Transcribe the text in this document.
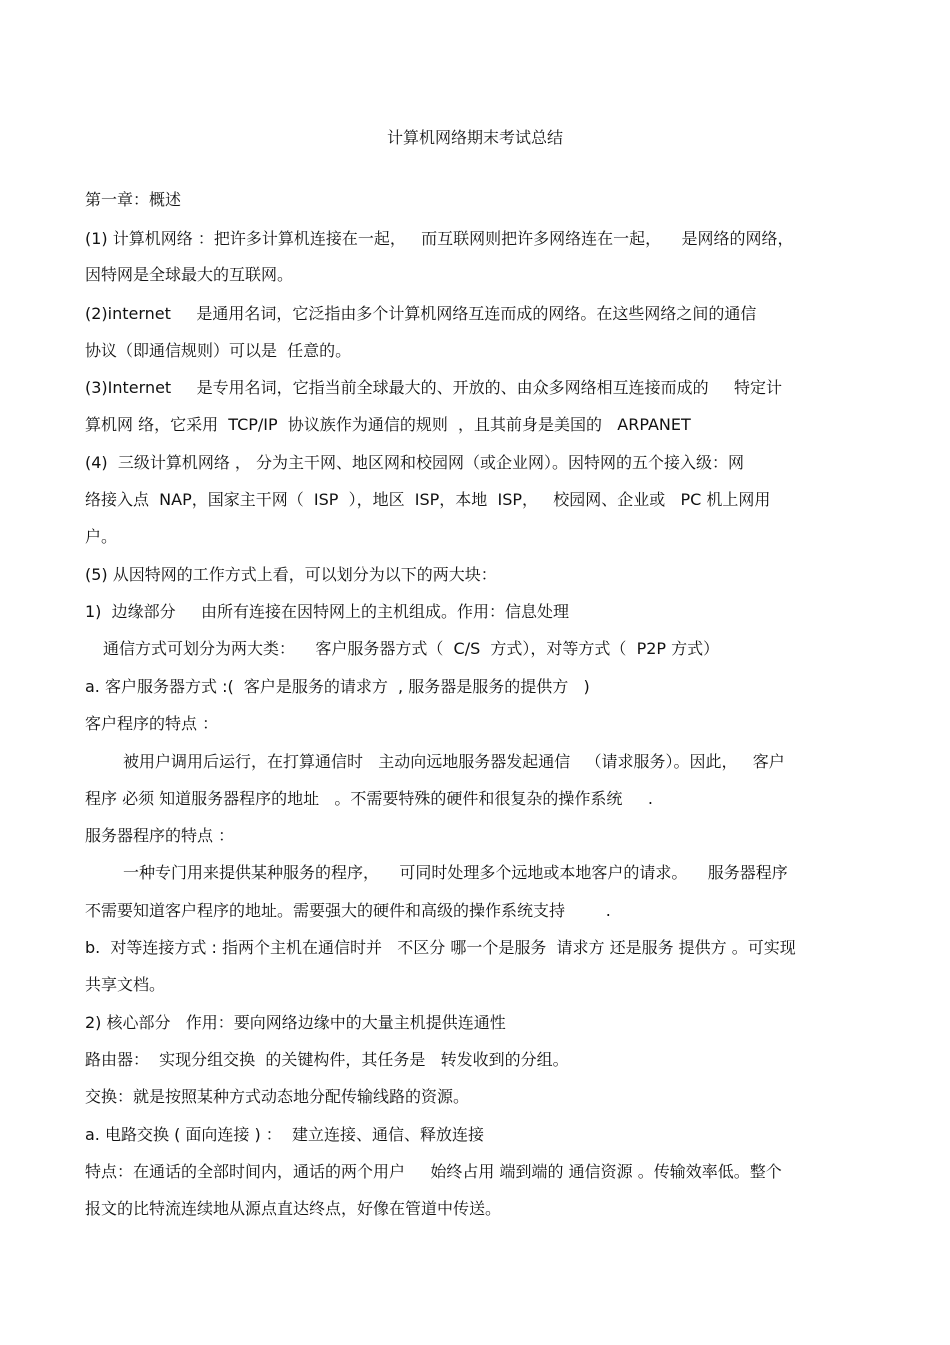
计算机网络期末考试总结
第一章：概述
(1) 计算机网络 ：把许多计算机连接在一起，   而互联网则把许多网络连在一起，    是网络的网络，
因特网是全球最大的互联网。
(2)internet     是通用名词，它泛指由多个计算机网络互连而成的网络。在这些网络之间的通信
协议（即通信规则）可以是  任意的。
(3)Internet     是专用名词，它指当前全球最大的、开放的、由众多网络相互连接而成的     特定计
算机网 络，它采用  TCP/IP  协议族作为通信的规则  ，且其前身是美国的   ARPANET
(4)  三级计算机网络 ， 分为主干网、地区网和校园网（或企业网）。因特网的五个接入级：网
络接入点  NAP，国家主干网（  ISP  ），地区  ISP，本地  ISP，   校园网、企业或   PC 机上网用
户。
(5) 从因特网的工作方式上看，可以划分为以下的两大块：
1)  边缘部分     由所有连接在因特网上的主机组成。作用：信息处理
通信方式可划分为两大类：    客户服务器方式（  C/S  方式），对等方式（  P2P 方式）
a. 客户服务器方式 :(  客户是服务的请求方  , 服务器是服务的提供方   )
客户程序的特点 ：
被用户调用后运行，在打算通信时   主动向远地服务器发起通信   （请求服务）。因此，   客户
程序 必须 知道服务器程序的地址   。不需要特殊的硬件和很复杂的操作系统     .
服务器程序的特点 ：
一种专门用来提供某种服务的程序，    可同时处理多个远地或本地客户的请求。    服务器程序
不需要知道客户程序的地址。需要强大的硬件和高级的操作系统支持        .
b.  对等连接方式 : 指两个主机在通信时并   不区分 哪一个是服务  请求方 还是服务 提供方 。可实现
共享文档。
2) 核心部分   作用：要向网络边缘中的大量主机提供连通性
路由器：  实现分组交换  的关键构件，其任务是   转发收到的分组。
交换：就是按照某种方式动态地分配传输线路的资源。
a. 电路交换 ( 面向连接 ) ：  建立连接、通信、释放连接
特点：在通话的全部时间内，通话的两个用户     始终占用 端到端的 通信资源 。传输效率低。整个
报文的比特流连续地从源点直达终点，好像在管道中传送。
